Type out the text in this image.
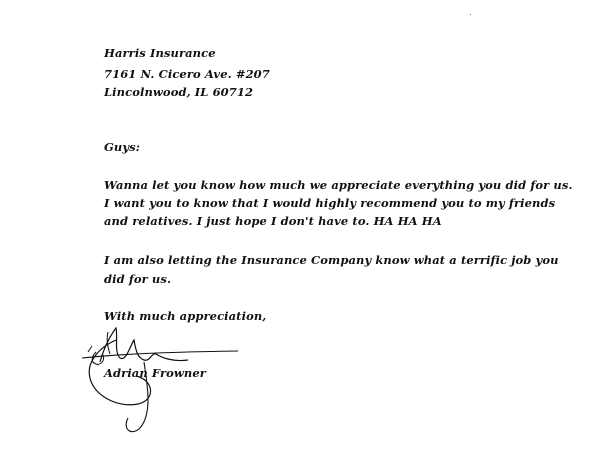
Harris Insurance
7161 N. Cicero Ave. #207
Lincolnwood, IL 60712
Guys:
Wanna let you know how much we appreciate everything you did for us.
I want you to know that I would highly recommend you to my friends
and relatives. I just hope I don't have to. HA HA HA
I am also letting the Insurance Company know what a terrific job you
did for us.
With much appreciation,
Adrian Frowner
